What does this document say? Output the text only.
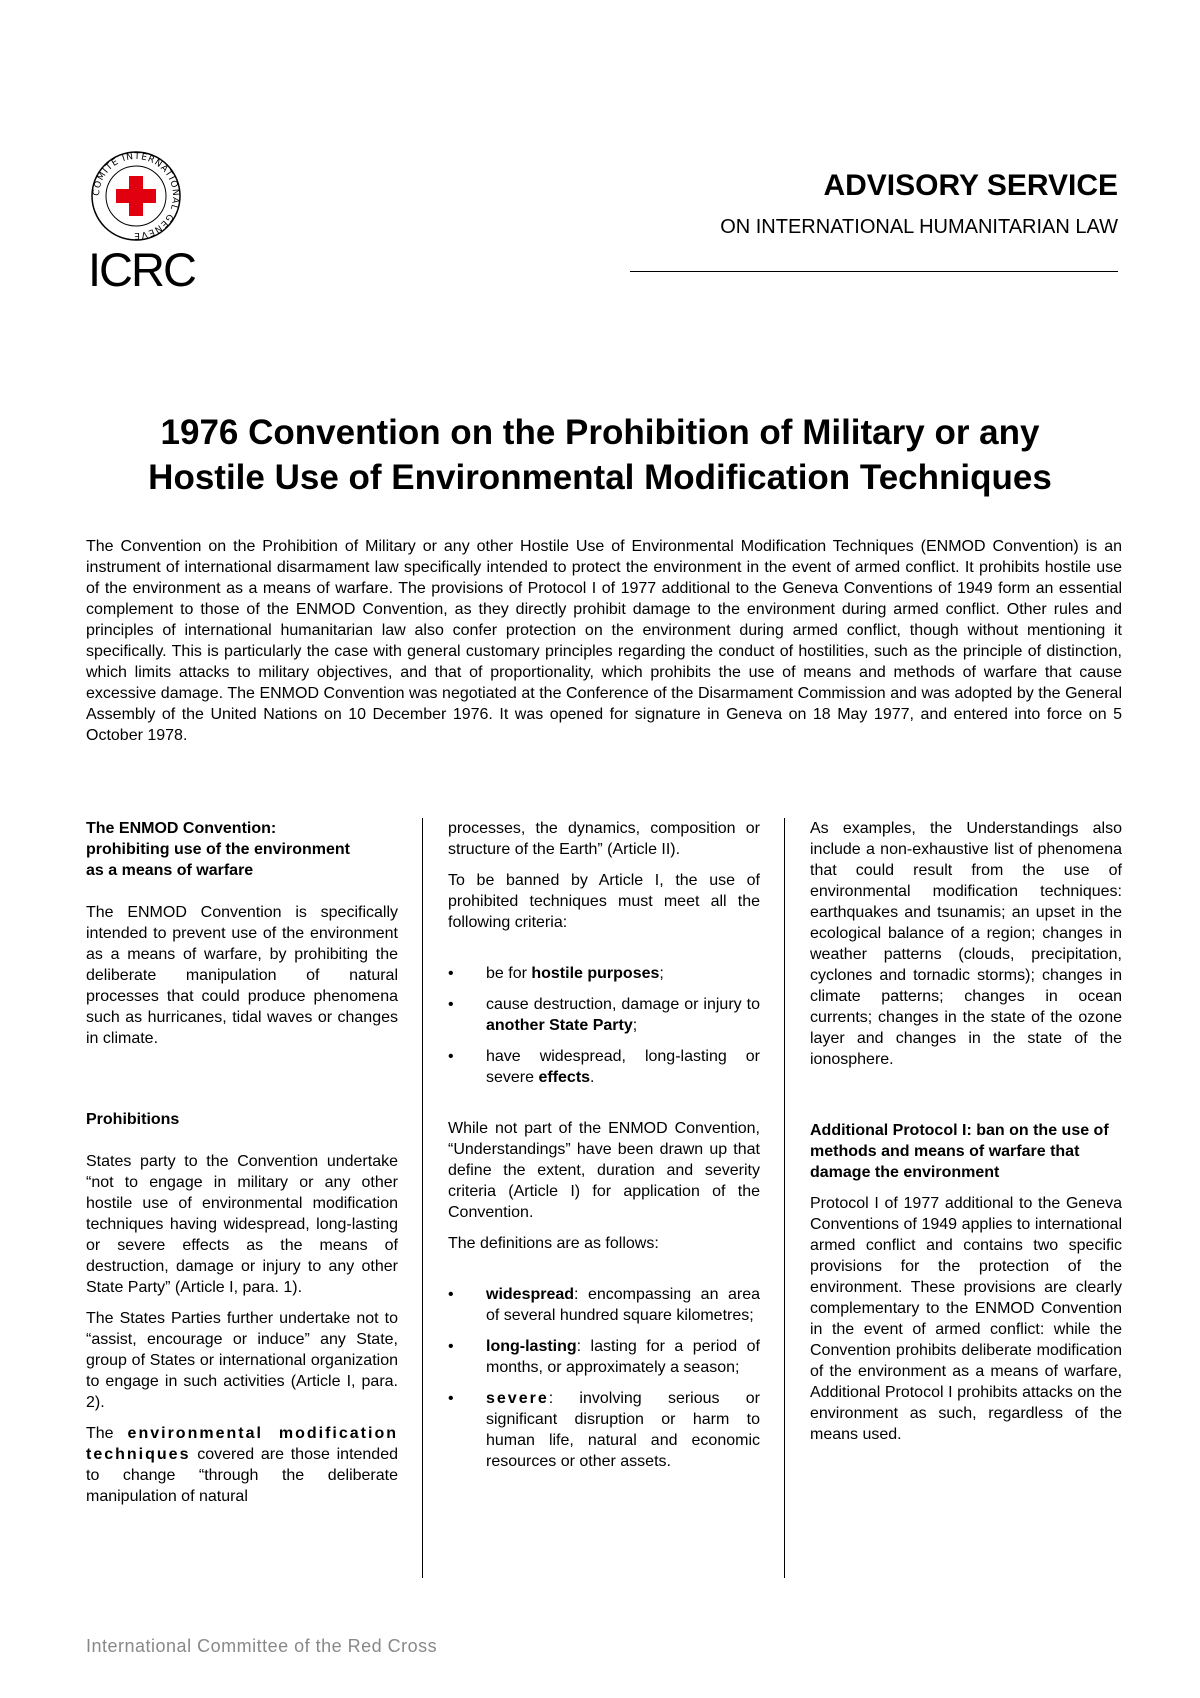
COMITE INTERNATIONAL GENEVE
ICRC
ADVISORY SERVICE
ON INTERNATIONAL HUMANITARIAN LAW
1976 Convention on the Prohibition of Military or any
Hostile Use of Environmental Modification Techniques

The Convention on the Prohibition of Military or any other Hostile Use of Environmental Modification Techniques (ENMOD Convention) is an instrument of international disarmament law specifically intended to protect the environment in the event of armed conflict. It prohibits hostile use of the environment as a means of warfare. The provisions of Protocol I of 1977 additional to the Geneva Conventions of 1949 form an essential complement to those of the ENMOD Convention, as they directly prohibit damage to the environment during armed conflict. Other rules and principles of international humanitarian law also confer protection on the environment during armed conflict, though without mentioning it specifically. This is particularly the case with general customary principles regarding the conduct of hostilities, such as the principle of distinction, which limits attacks to military objectives, and that of proportionality, which prohibits the use of means and methods of warfare that cause excessive damage. The ENMOD Convention was negotiated at the Conference of the Disarmament Commission and was adopted by the General Assembly of the United Nations on 10 December 1976. It was opened for signature in Geneva on 18 May 1977, and entered into force on 5 October 1978.

The ENMOD Convention:
prohibiting use of the environment
as a means of warfare

The ENMOD Convention is specifically intended to prevent use of the environment as a means of warfare, by prohibiting the deliberate manipulation of natural processes that could produce phenomena such as hurricanes, tidal waves or changes in climate.

Prohibitions

States party to the Convention undertake “not to engage in military or any other hostile use of environmental modification techniques having widespread, long-lasting or severe effects as the means of destruction, damage or injury to any other State Party” (Article I, para. 1).

The States Parties further undertake not to “assist, encourage or induce” any State, group of States or international organization to engage in such activities (Article I, para. 2).

The environmental modification techniques covered are those intended to change “through the deliberate manipulation of natural

processes, the dynamics, composition or structure of the Earth” (Article II).

To be banned by Article I, the use of prohibited techniques must meet all the following criteria:

• be for hostile purposes;
• cause destruction, damage or injury to another State Party;
• have widespread, long-lasting or severe effects.

While not part of the ENMOD Convention, “Understandings” have been drawn up that define the extent, duration and severity criteria (Article I) for application of the Convention.

The definitions are as follows:

• widespread: encompassing an area of several hundred square kilometres;
• long-lasting: lasting for a period of months, or approximately a season;
• severe: involving serious or significant disruption or harm to human life, natural and economic resources or other assets.

As examples, the Understandings also include a non-exhaustive list of phenomena that could result from the use of environmental modification techniques: earthquakes and tsunamis; an upset in the ecological balance of a region; changes in weather patterns (clouds, precipitation, cyclones and tornadic storms); changes in climate patterns; changes in ocean currents; changes in the state of the ozone layer and changes in the state of the ionosphere.

Additional Protocol I: ban on the use of methods and means of warfare that damage the environment

Protocol I of 1977 additional to the Geneva Conventions of 1949 applies to international armed conflict and contains two specific provisions for the protection of the environment. These provisions are clearly complementary to the ENMOD Convention in the event of armed conflict: while the Convention prohibits deliberate modification of the environment as a means of warfare, Additional Protocol I prohibits attacks on the environment as such, regardless of the means used.

International Committee of the Red Cross
